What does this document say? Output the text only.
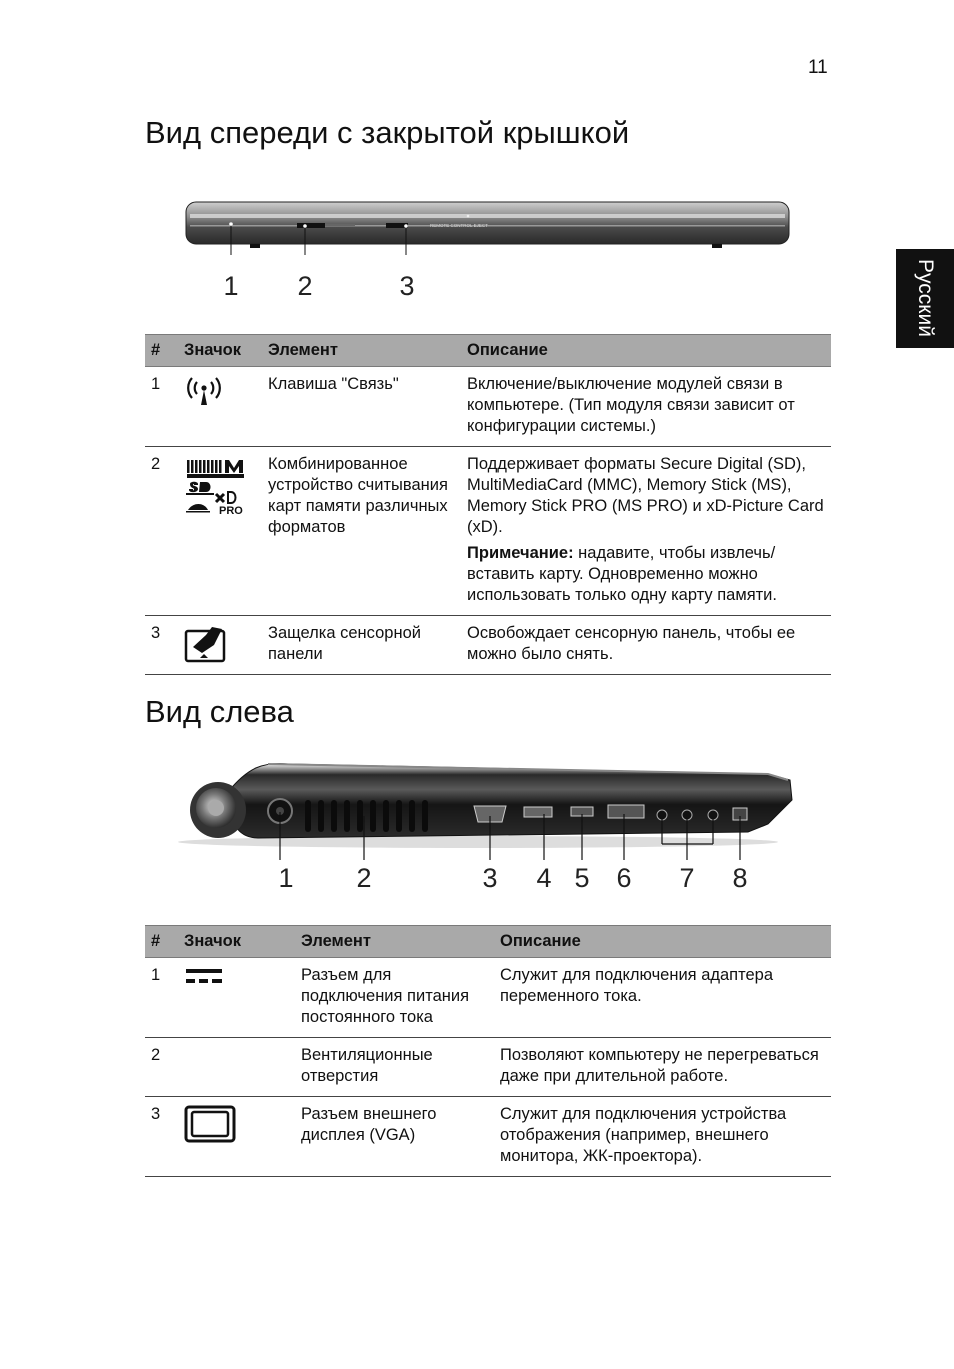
11
Русский
Вид спереди с закрытой крышкой
REMOTE CONTROL EJECT
1 2	3
#	Значок	Элемент	Описание
1		Клавиша "Связь"	Включение/выключение модулей связи в компьютере. (Тип модуля связи зависит от конфигурации системы.)
2	PRO	Комбинированное устройство считывания карт памяти различных форматов	Поддерживает форматы Secure Digital (SD), MultiMediaCard (MMC), Memory Stick (MS), Memory Stick PRO (MS PRO) и xD-Picture Card (xD).

Примечание: надавите, чтобы извлечь/ вставить карту. Одновременно можно использовать только одну карту памяти.

3		Защелка сенсорной панели	Освобождает сенсорную панель, чтобы ее можно было снять.
Вид слева
1 2	3 4 5 6 7 8
#	Значок	Элемент	Описание
1		Разъем для подключения питания постоянного тока	Служит для подключения адаптера переменного тока.
2		Вентиляционные отверстия	Позволяют компьютеру не перегреваться даже при длительной работе.
3		Разъем внешнего дисплея (VGA)	Служит для подключения устройства отображения (например, внешнего монитора, ЖК-проектора).
